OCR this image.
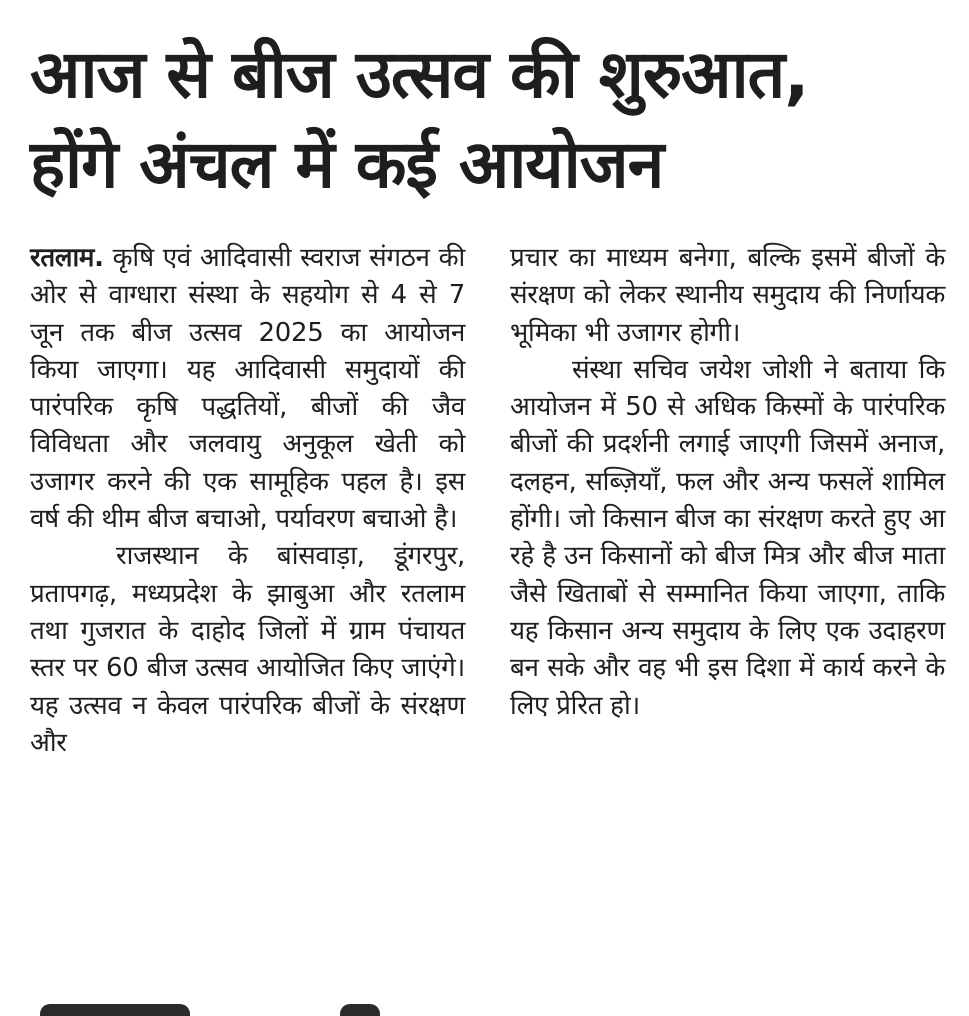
आज से बीज उत्सव की शुरुआत,
होंगे अंचल में कई आयोजन

रतलाम. कृषि एवं आदिवासी स्वराज संगठन की ओर से वाग्धारा संस्था के सहयोग से 4 से 7 जून तक बीज उत्सव 2025 का आयोजन किया जाएगा। यह आदिवासी समुदायों की पारंपरिक कृषि पद्धतियों, बीजों की जैव विविधता और जलवायु अनुकूल खेती को उजागर करने की एक सामूहिक पहल है। इस वर्ष की थीम बीज बचाओ, पर्यावरण बचाओ है।

राजस्थान के बांसवाड़ा, डूंगरपुर, प्रतापगढ़, मध्यप्रदेश के झाबुआ और रतलाम तथा गुजरात के दाहोद जिलों में ग्राम पंचायत स्तर पर 60 बीज उत्सव आयोजित किए जाएंगे। यह उत्सव न केवल पारंपरिक बीजों के संरक्षण और

प्रचार का माध्यम बनेगा, बल्कि इसमें बीजों के संरक्षण को लेकर स्थानीय समुदाय की निर्णायक भूमिका भी उजागर होगी।

संस्था सचिव जयेश जोशी ने बताया कि आयोजन में 50 से अधिक किस्मों के पारंपरिक बीजों की प्रदर्शनी लगाई जाएगी जिसमें अनाज, दलहन, सब्ज़ियाँ, फल और अन्य फसलें शामिल होंगी। जो किसान बीज का संरक्षण करते हुए आ रहे है उन किसानों को बीज मित्र और बीज माता जैसे खिताबों से सम्मानित किया जाएगा, ताकि यह किसान अन्य समुदाय के लिए एक उदाहरण बन सके और वह भी इस दिशा में कार्य करने के लिए प्रेरित हो।
